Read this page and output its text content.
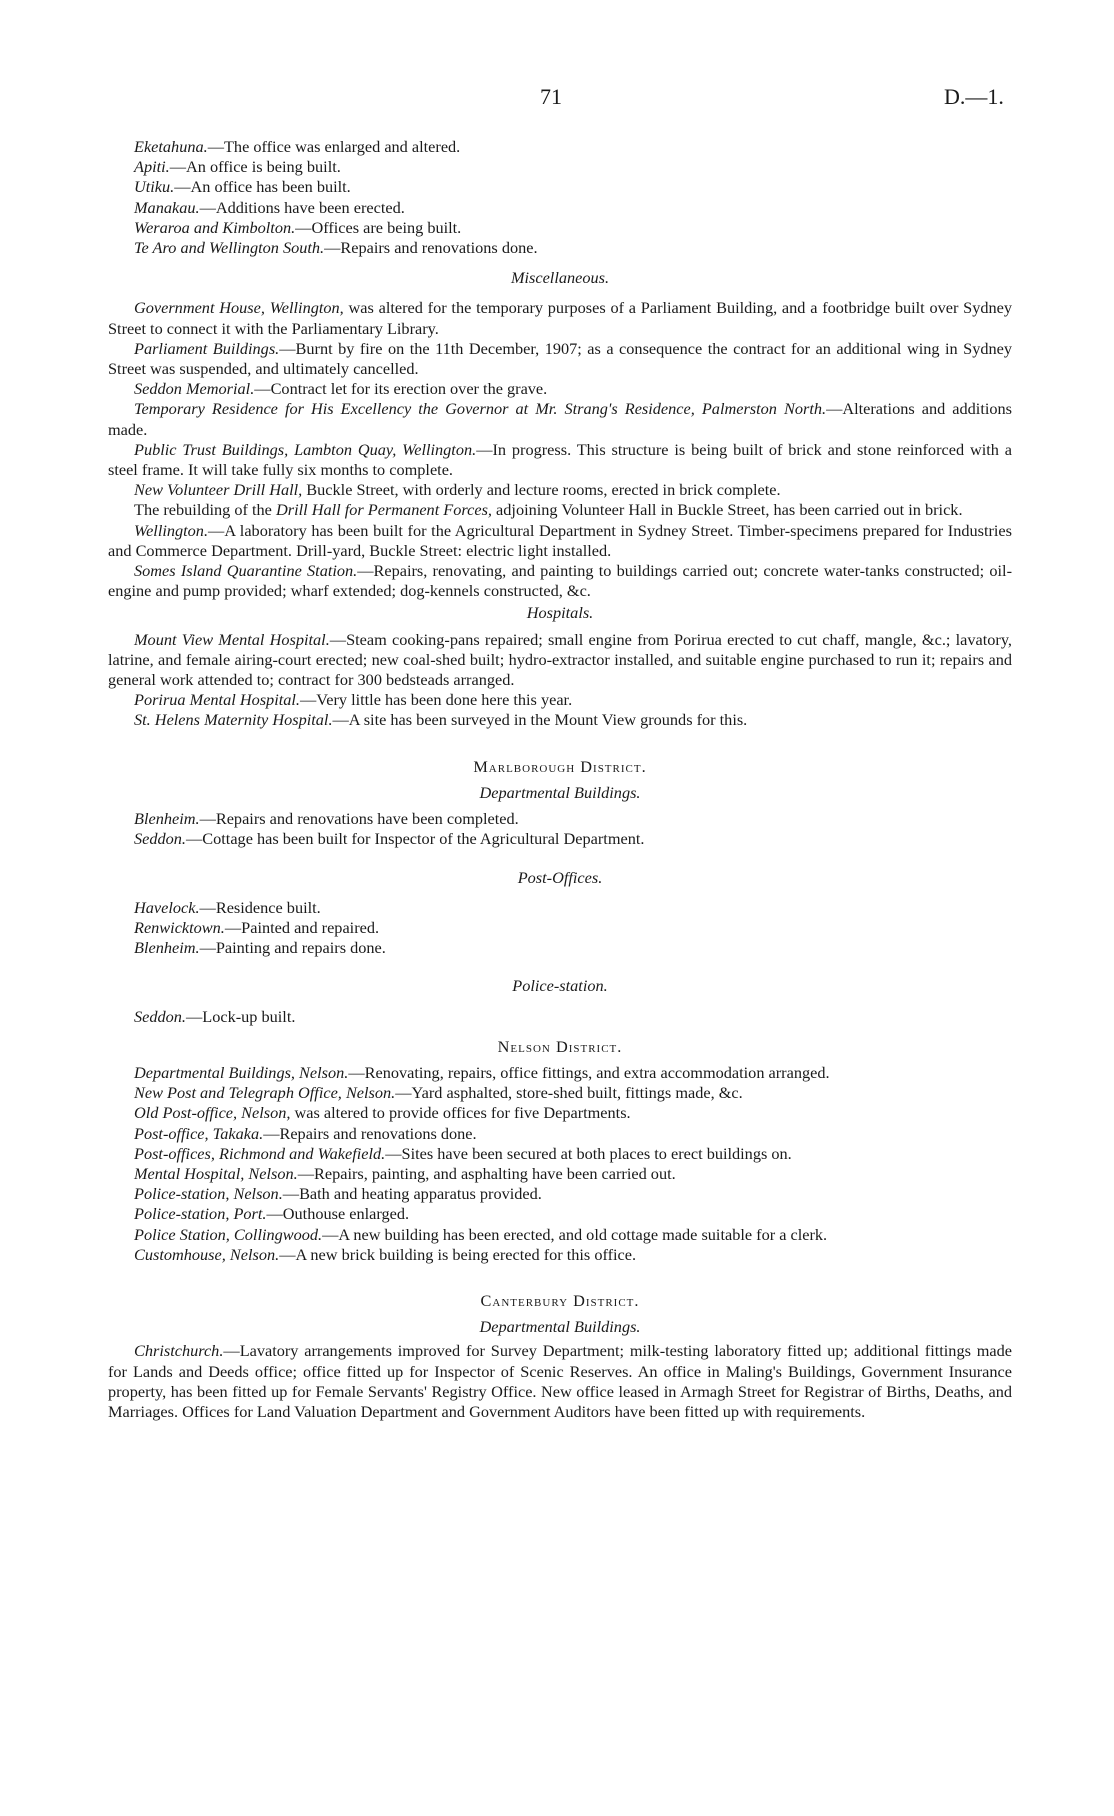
71	D.—1.

Eketahuna.—The office was enlarged and altered.

Apiti.—An office is being built.

Utiku.—An office has been built.

Manakau.—Additions have been erected.

Weraroa and Kimbolton.—Offices are being built.

Te Aro and Wellington South.—Repairs and renovations done.

Miscellaneous.

Government House, Wellington, was altered for the temporary purposes of a Parliament Building, and a footbridge built over Sydney Street to connect it with the Parliamentary Library.

Parliament Buildings.—Burnt by fire on the 11th December, 1907; as a consequence the contract for an additional wing in Sydney Street was suspended, and ultimately cancelled.

Seddon Memorial.—Contract let for its erection over the grave.

Temporary Residence for His Excellency the Governor at Mr. Strang's Residence, Palmerston North.—Alterations and additions made.

Public Trust Buildings, Lambton Quay, Wellington.—In progress. This structure is being built of brick and stone reinforced with a steel frame. It will take fully six months to complete.

New Volunteer Drill Hall, Buckle Street, with orderly and lecture rooms, erected in brick complete.

The rebuilding of the Drill Hall for Permanent Forces, adjoining Volunteer Hall in Buckle Street, has been carried out in brick.

Wellington.—A laboratory has been built for the Agricultural Department in Sydney Street. Timber-specimens prepared for Industries and Commerce Department. Drill-yard, Buckle Street: electric light installed.

Somes Island Quarantine Station.—Repairs, renovating, and painting to buildings carried out; concrete water-tanks constructed; oil-engine and pump provided; wharf extended; dog-kennels constructed, &c.

Hospitals.

Mount View Mental Hospital.—Steam cooking-pans repaired; small engine from Porirua erected to cut chaff, mangle, &c.; lavatory, latrine, and female airing-court erected; new coal-shed built; hydro-extractor installed, and suitable engine purchased to run it; repairs and general work attended to; contract for 300 bedsteads arranged.

Porirua Mental Hospital.—Very little has been done here this year.

St. Helens Maternity Hospital.—A site has been surveyed in the Mount View grounds for this.

Marlborough District.
Departmental Buildings.

Blenheim.—Repairs and renovations have been completed.

Seddon.—Cottage has been built for Inspector of the Agricultural Department.

Post-Offices.

Havelock.—Residence built.

Renwicktown.—Painted and repaired.

Blenheim.—Painting and repairs done.

Police-station.

Seddon.—Lock-up built.

Nelson District.

Departmental Buildings, Nelson.—Renovating, repairs, office fittings, and extra accommodation arranged.

New Post and Telegraph Office, Nelson.—Yard asphalted, store-shed built, fittings made, &c.

Old Post-office, Nelson, was altered to provide offices for five Departments.

Post-office, Takaka.—Repairs and renovations done.

Post-offices, Richmond and Wakefield.—Sites have been secured at both places to erect buildings on.

Mental Hospital, Nelson.—Repairs, painting, and asphalting have been carried out.

Police-station, Nelson.—Bath and heating apparatus provided.

Police-station, Port.—Outhouse enlarged.

Police Station, Collingwood.—A new building has been erected, and old cottage made suitable for a clerk.

Customhouse, Nelson.—A new brick building is being erected for this office.

Canterbury District.
Departmental Buildings.

Christchurch.—Lavatory arrangements improved for Survey Department; milk-testing laboratory fitted up; additional fittings made for Lands and Deeds office; office fitted up for Inspector of Scenic Reserves. An office in Maling's Buildings, Government Insurance property, has been fitted up for Female Servants' Registry Office. New office leased in Armagh Street for Registrar of Births, Deaths, and Marriages. Offices for Land Valuation Department and Government Auditors have been fitted up with requirements.
